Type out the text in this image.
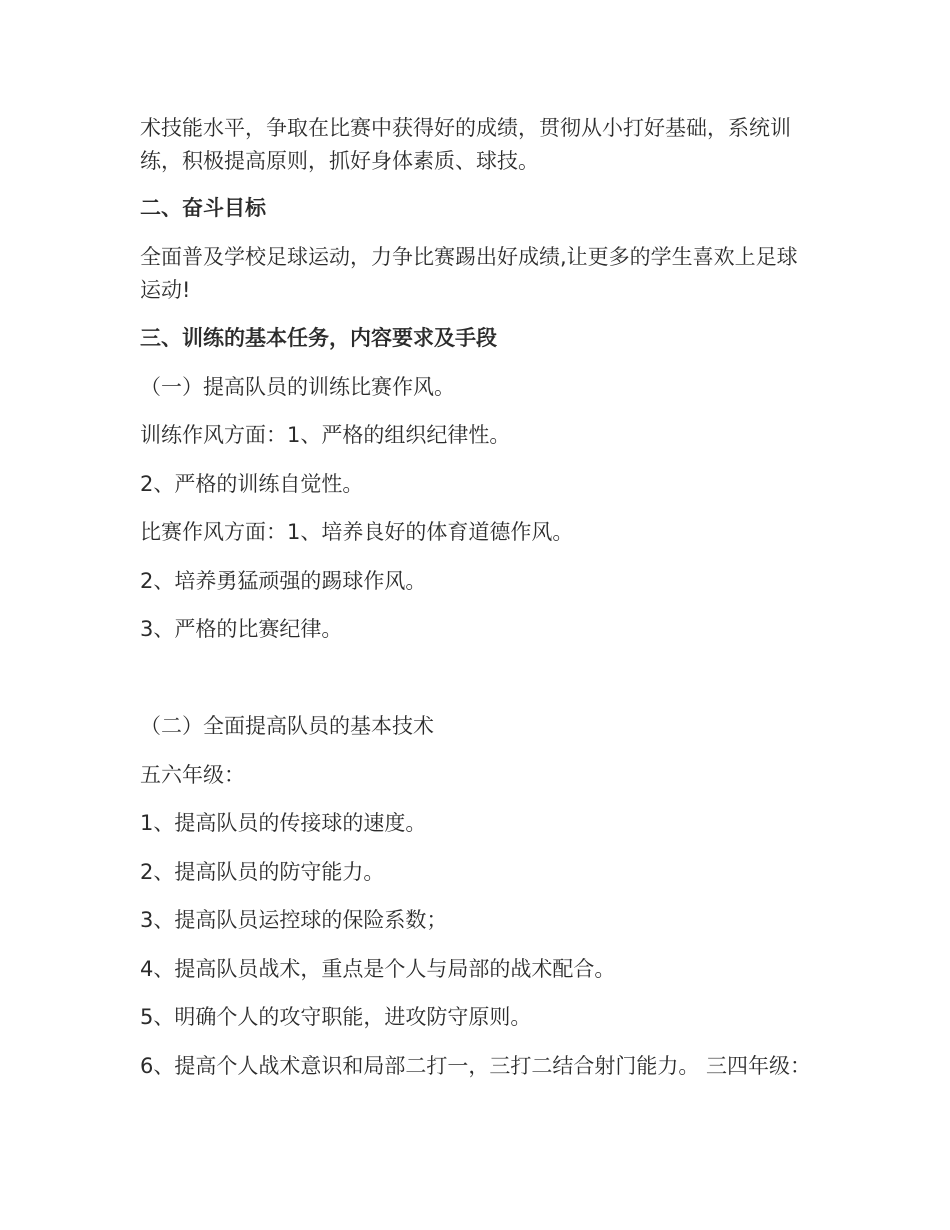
术技能水平，争取在比赛中获得好的成绩，贯彻从小打好基础，系统训练，积极提高原则，抓好身体素质、球技。

二、奋斗目标

全面普及学校足球运动，力争比赛踢出好成绩,让更多的学生喜欢上足球运动!

三、训练的基本任务，内容要求及手段

（一）提高队员的训练比赛作风。

训练作风方面：1、严格的组织纪律性。

2、严格的训练自觉性。

比赛作风方面：1、培养良好的体育道德作风。

2、培养勇猛顽强的踢球作风。

3、严格的比赛纪律。

（二）全面提高队员的基本技术

五六年级：

1、提高队员的传接球的速度。

2、提高队员的防守能力。

3、提高队员运控球的保险系数；

4、提高队员战术，重点是个人与局部的战术配合。

5、明确个人的攻守职能，进攻防守原则。

6、提高个人战术意识和局部二打一，三打二结合射门能力。 三四年级：
